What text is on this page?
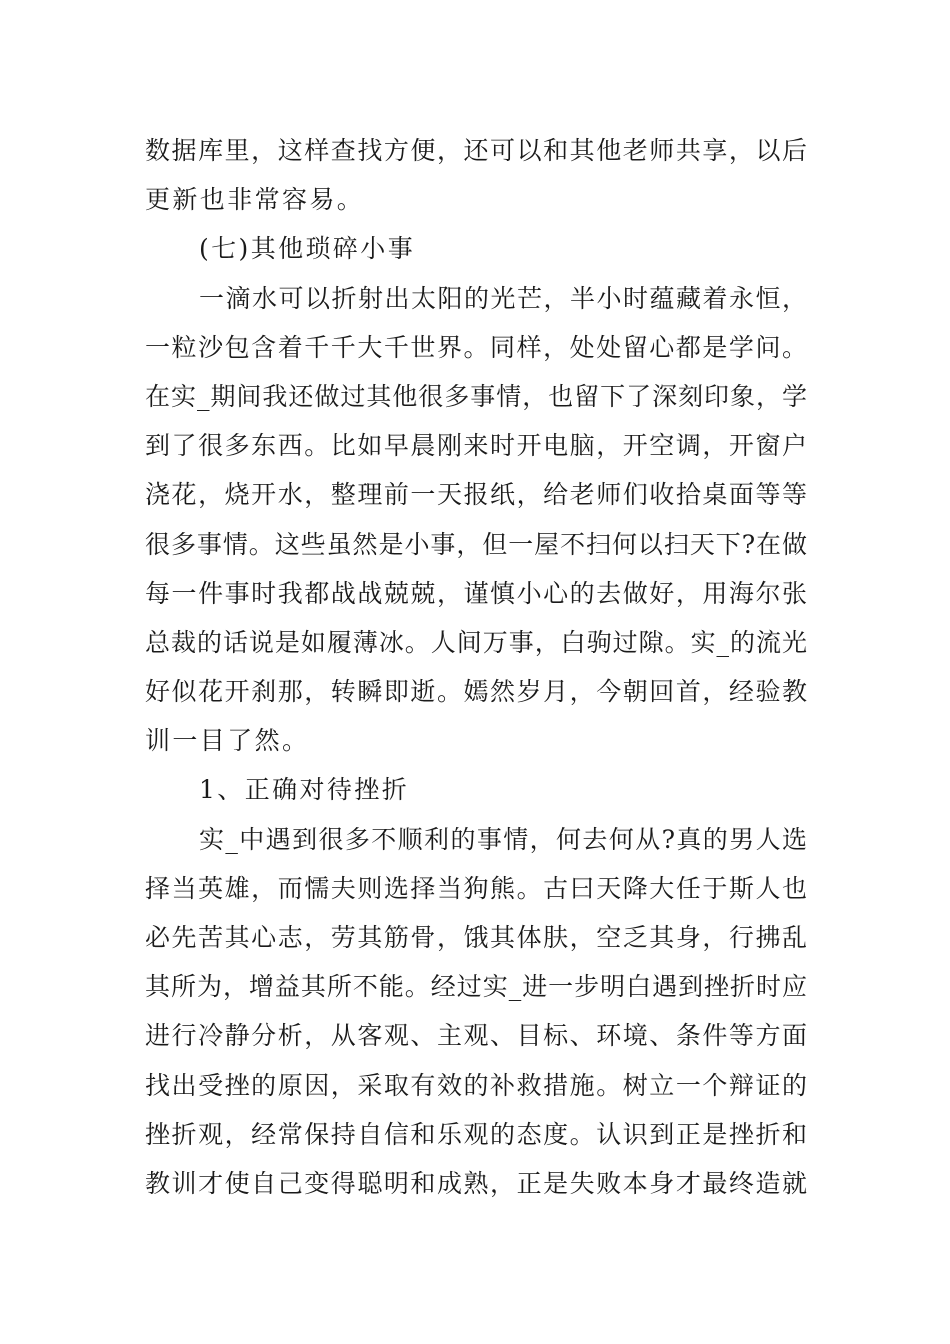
数据库里，这样查找方便，还可以和其他老师共享，以后
更新也非常容易。
(七)其他琐碎小事
一滴水可以折射出太阳的光芒，半小时蕴藏着永恒，
一粒沙包含着千千大千世界。同样，处处留心都是学问。
在实_期间我还做过其他很多事情，也留下了深刻印象，学
到了很多东西。比如早晨刚来时开电脑，开空调，开窗户
浇花，烧开水，整理前一天报纸，给老师们收拾桌面等等
很多事情。这些虽然是小事，但一屋不扫何以扫天下?在做
每一件事时我都战战兢兢，谨慎小心的去做好，用海尔张
总裁的话说是如履薄冰。人间万事，白驹过隙。实_的流光
好似花开刹那，转瞬即逝。嫣然岁月，今朝回首，经验教
训一目了然。
1、正确对待挫折
实_中遇到很多不顺利的事情，何去何从?真的男人选
择当英雄，而懦夫则选择当狗熊。古曰天降大任于斯人也
必先苦其心志，劳其筋骨，饿其体肤，空乏其身，行拂乱
其所为，增益其所不能。经过实_进一步明白遇到挫折时应
进行冷静分析，从客观、主观、目标、环境、条件等方面
找出受挫的原因，采取有效的补救措施。树立一个辩证的
挫折观，经常保持自信和乐观的态度。认识到正是挫折和
教训才使自己变得聪明和成熟，正是失败本身才最终造就
